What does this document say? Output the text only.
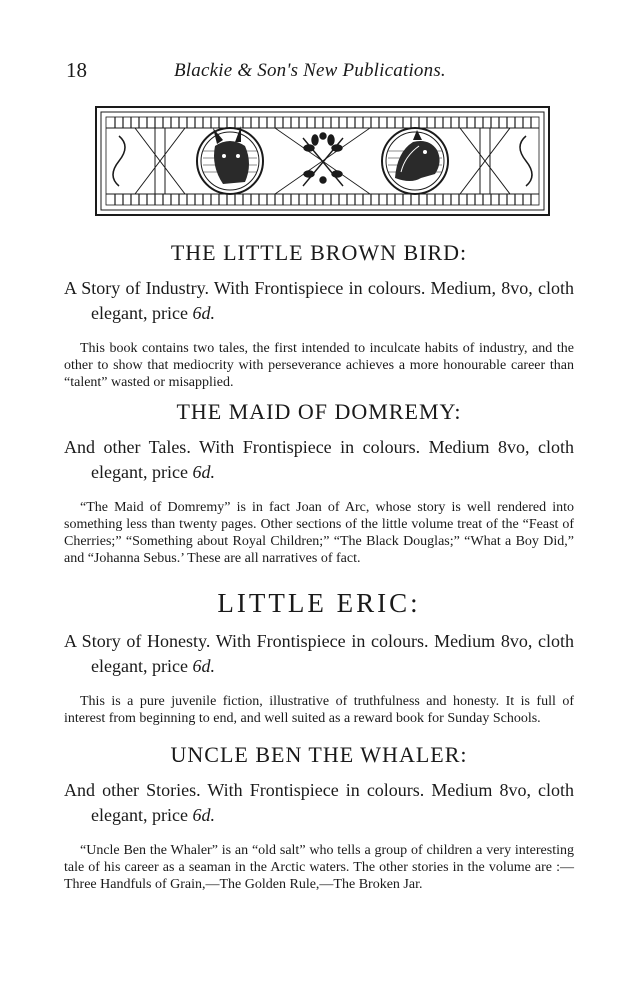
18	Blackie & Son's New Publications.
THE LITTLE BROWN BIRD:

A Story of Industry. With Frontispiece in colours. Medium, 8vo, cloth elegant, price 6d.

This book contains two tales, the first intended to inculcate habits of industry, and the other to show that mediocrity with perseverance achieves a more honourable career than “talent” wasted or misapplied.

THE MAID OF DOMREMY:

And other Tales. With Frontispiece in colours. Medium 8vo, cloth elegant, price 6d.

“The Maid of Domremy” is in fact Joan of Arc, whose story is well rendered into something less than twenty pages. Other sections of the little volume treat of the “Feast of Cherries;” “Something about Royal Children;” “The Black Douglas;” “What a Boy Did,” and “Johanna Sebus.’ These are all narratives of fact.

LITTLE ERIC:

A Story of Honesty. With Frontispiece in colours. Medium 8vo, cloth elegant, price 6d.

This is a pure juvenile fiction, illustrative of truthfulness and honesty. It is full of interest from beginning to end, and well suited as a reward book for Sunday Schools.

UNCLE BEN THE WHALER:

And other Stories. With Frontispiece in colours. Medium 8vo, cloth elegant, price 6d.

“Uncle Ben the Whaler” is an “old salt” who tells a group of children a very interesting tale of his career as a seaman in the Arctic waters. The other stories in the volume are :—Three Handfuls of Grain,—The Golden Rule,—The Broken Jar.
